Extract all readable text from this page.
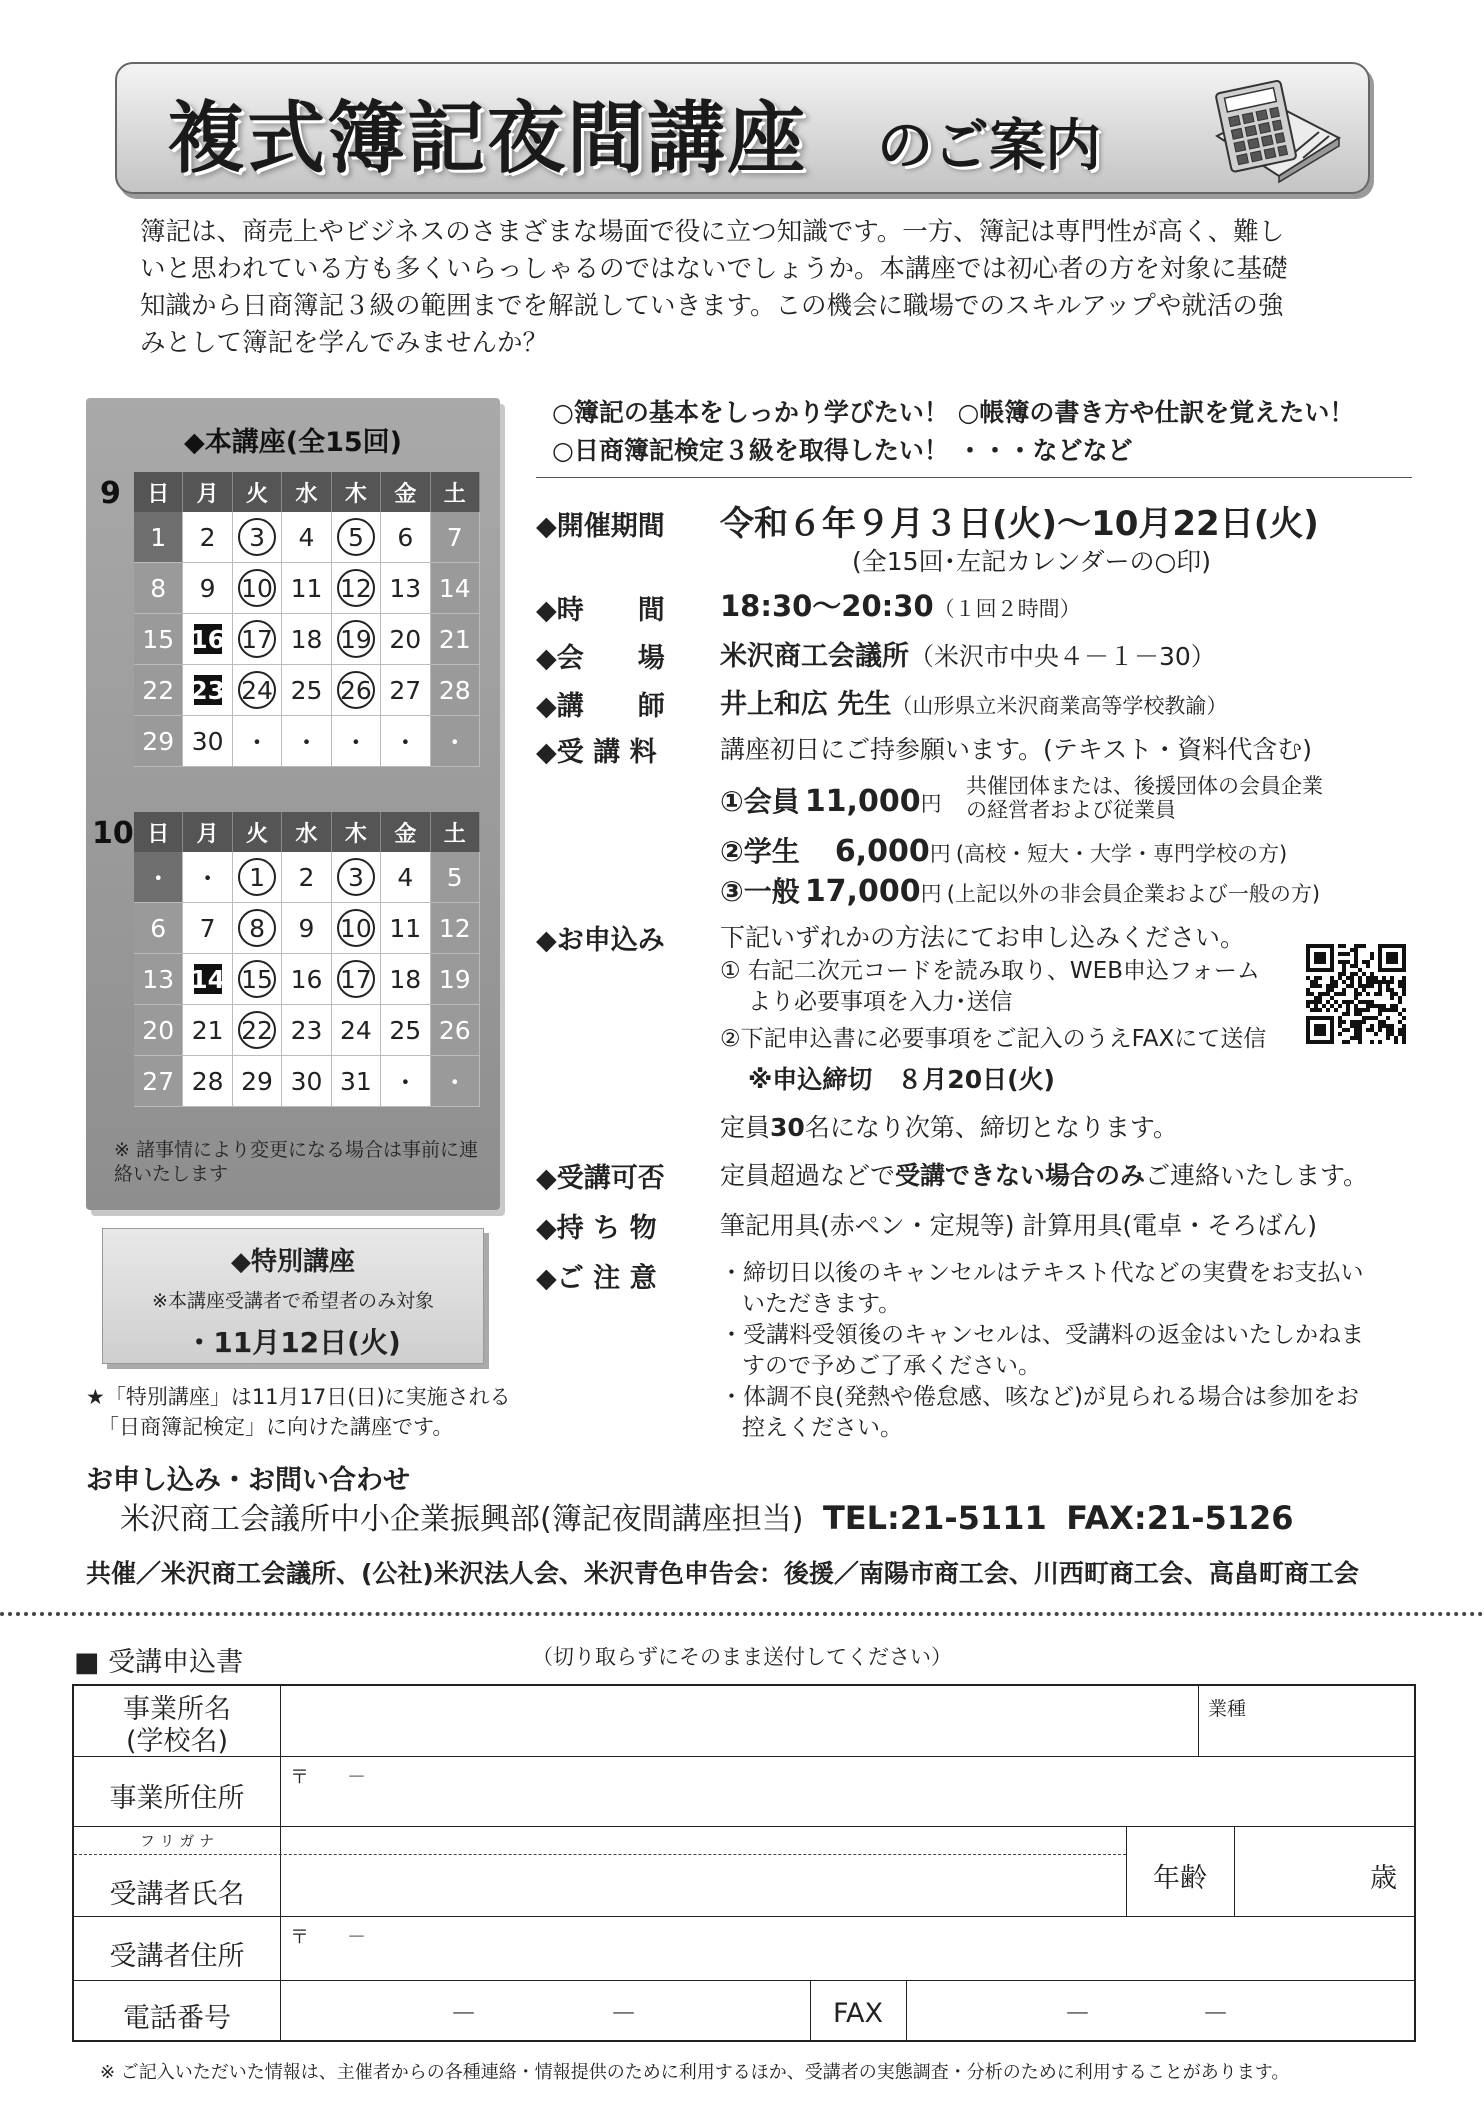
複式簿記夜間講座 のご案内

簿記は、商売上やビジネスのさまざまな場面で役に立つ知識です。一方、簿記は専門性が高く、難し

いと思われている方も多くいらっしゃるのではないでしょうか。本講座では初心者の方を対象に基礎

知識から日商簿記３級の範囲までを解説していきます。この機会に職場でのスキルアップや就活の強

みとして簿記を学んでみませんか？

◆本講座(全15回)
9	日	月	火	水	木	金	土
1	2	3	4	5	6	7
8	9	10 11 12 13 14
15 16 17 18 19 20 21
22 23 24 25 26 27 28
29 30 ・ ・ ・ ・ ・
10 日	月	火	水	木	金	土
・ ・	1	2	3	4	5
6	7	8	9	10 11 12
13 14 15 16 17 18 19
20 21 22 23 24 25 26
27 28 29 30 31 ・ ・
※ 諸事情により変更になる場合は事前に連絡いたします
◆特別講座
※本講座受講者で希望者のみ対象
・11月12日(火)
★「特別講座」は11月17日(日)に実施される
「日商簿記検定」に向けた講座です。
○簿記の基本をしっかり学びたい！ ○帳簿の書き方や仕訳を覚えたい！
○日商簿記検定３級を取得したい！ ・・・などなど
◆開催期間 令和６年９月３日(火)～10月22日(火)
(全15回･左記カレンダーの○印)
◆時　　間 18:30～20:30（１回２時間）
◆会　　場 米沢商工会議所（米沢市中央４－１－30）
◆講　　師 井上和広 先生（山形県立米沢商業高等学校教諭）
◆受 講 料	講座初日にご持参願います。(テキスト・資料代含む)
①会員 11,000円
共催団体または、後援団体の会員企業
の経営者および従業員
②学生 6,000円 (高校・短大・大学・専門学校の方)
③一般 17,000円 (上記以外の非会員企業および一般の方)
◆お申込み 下記いずれかの方法にてお申し込みください。
① 右記二次元コードを読み取り、WEB申込フォーム
より必要事項を入力･送信
②下記申込書に必要事項をご記入のうえFAXにて送信
※申込締切　８月20日(火)
定員30名になり次第、締切となります。
◆受講可否 定員超過などで受講できない場合のみご連絡いたします。
◆持 ち 物	筆記用具(赤ペン・定規等) 計算用具(電卓・そろばん)
◆ご 注 意	・締切日以後のキャンセルはテキスト代などの実費をお支払い
いただきます。
・受講料受領後のキャンセルは、受講料の返金はいたしかねま
すので予めご了承ください。
・体調不良(発熱や倦怠感、咳など)が見られる場合は参加をお
控えください。
お申し込み・お問い合わせ
米沢商工会議所中小企業振興部(簿記夜間講座担当) TEL:21-5111 FAX:21-5126
共催／米沢商工会議所、(公社)米沢法人会、米沢青色申告会：後援／南陽市商工会、川西町商工会、高畠町商工会
■ 受講申込書	（切り取らずにそのまま送付してください）
事業所名
(学校名)
業種
事業所住所
〒　　－
フ リ ガ ナ
受講者氏名
年齢	歳
受講者住所
〒　　－
電話番号	－	－	FAX	－	－
※ ご記入いただいた情報は、主催者からの各種連絡・情報提供のために利用するほか、受講者の実態調査・分析のために利用することがあります。
